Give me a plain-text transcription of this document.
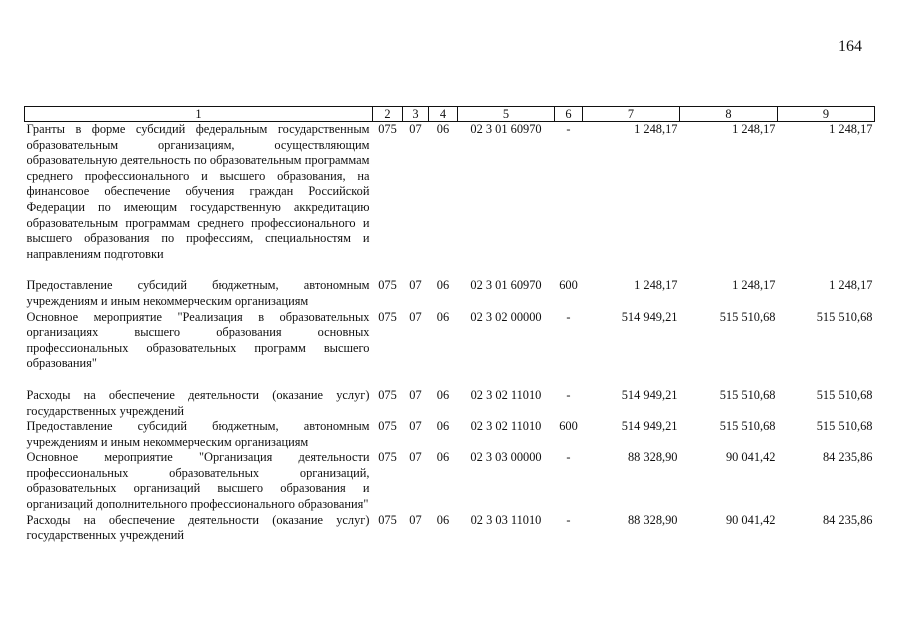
164
1	2	3	4	5	6	7	8	9
Гранты в форме субсидий федеральным государственным образовательным организациям, осуществляющим образовательную деятельность по образовательным программам среднего профессионального и высшего образования, на финансовое обеспечение обучения граждан Российской Федерации по имеющим государственную аккредитацию образовательным программам среднего профессионального и высшего образования по профессиям, специальностям и направлениям подготовки	075	07	06	02 3 01 60970	-	1 248,17	1 248,17	1 248,17
Предоставление субсидий бюджетным, автономным учреждениям и иным некоммерческим организациям	075	07	06	02 3 01 60970	600	1 248,17	1 248,17	1 248,17
Основное мероприятие "Реализация в образовательных организациях высшего образования основных профессиональных образовательных программ высшего образования"	075	07	06	02 3 02 00000	-	514 949,21	515 510,68	515 510,68
Расходы на обеспечение деятельности (оказание услуг) государственных учреждений	075	07	06	02 3 02 11010	-	514 949,21	515 510,68	515 510,68
Предоставление субсидий бюджетным, автономным учреждениям и иным некоммерческим организациям	075	07	06	02 3 02 11010	600	514 949,21	515 510,68	515 510,68
Основное мероприятие "Организация деятельности профессиональных образовательных организаций, образовательных организаций высшего образования и организаций дополнительного профессионального образования"	075	07	06	02 3 03 00000	-	88 328,90	90 041,42	84 235,86
Расходы на обеспечение деятельности (оказание услуг) государственных учреждений	075	07	06	02 3 03 11010	-	88 328,90	90 041,42	84 235,86
